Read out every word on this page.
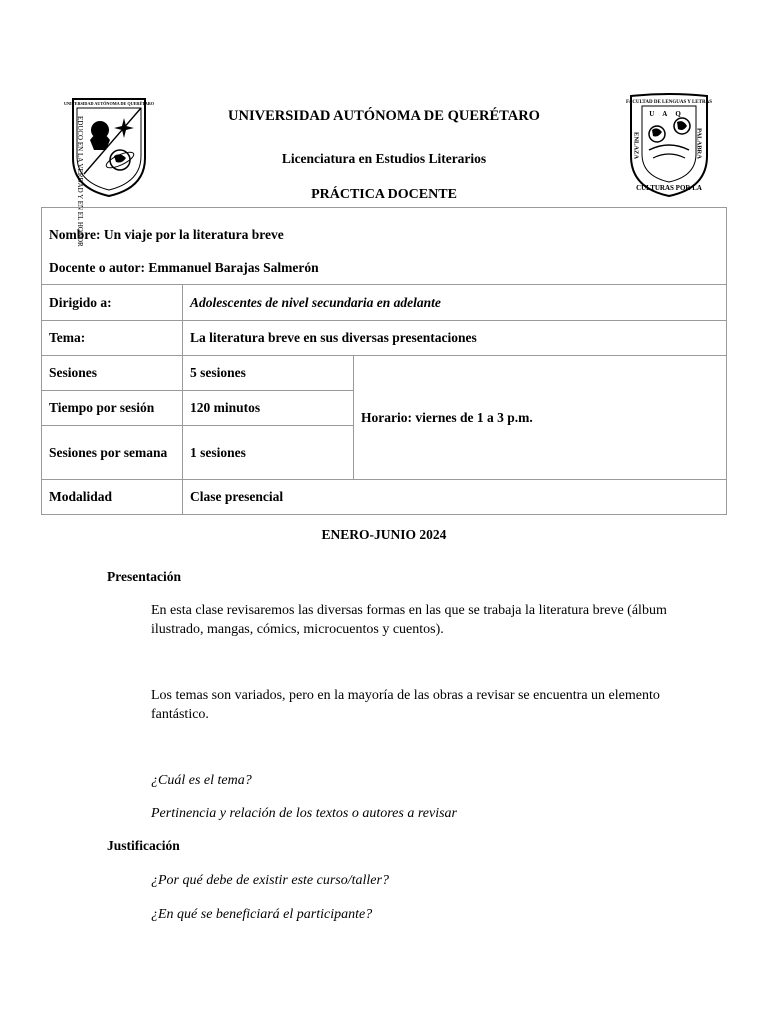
UNIVERSIDAD AUTÓNOMA DE QUERÉTARO
EDUCO EN LA VERDAD Y EN EL HONOR
FACULTAD DE LENGUAS Y LETRAS
UAQ
ENLAZA	PALABRA
CULTURAS POR LA
UNIVERSIDAD AUTÓNOMA DE QUERÉTARO
Licenciatura en Estudios Literarios
PRÁCTICA DOCENTE
Nombre: Un viaje por la literatura breve
Docente o autor: Emmanuel Barajas Salmerón		

Dirigido a:	Adolescentes de nivel secundaria en adelante	
Tema:	La literatura breve en sus diversas presentaciones	
Sesiones	5 sesiones	Horario: viernes de 1 a 3 p.m.
Tiempo por sesión	120 minutos	
Sesiones por semana	1 sesiones	
Modalidad	Clase presencial	
ENERO-JUNIO 2024
Presentación
En esta clase revisaremos las diversas formas en las que se trabaja la literatura breve (álbum ilustrado, mangas, cómics, microcuentos y cuentos).
Los temas son variados, pero en la mayoría de las obras a revisar se encuentra un elemento fantástico.
¿Cuál es el tema?
Pertinencia y relación de los textos o autores a revisar
Justificación
¿Por qué debe de existir este curso/taller?
¿En qué se beneficiará el participante?
